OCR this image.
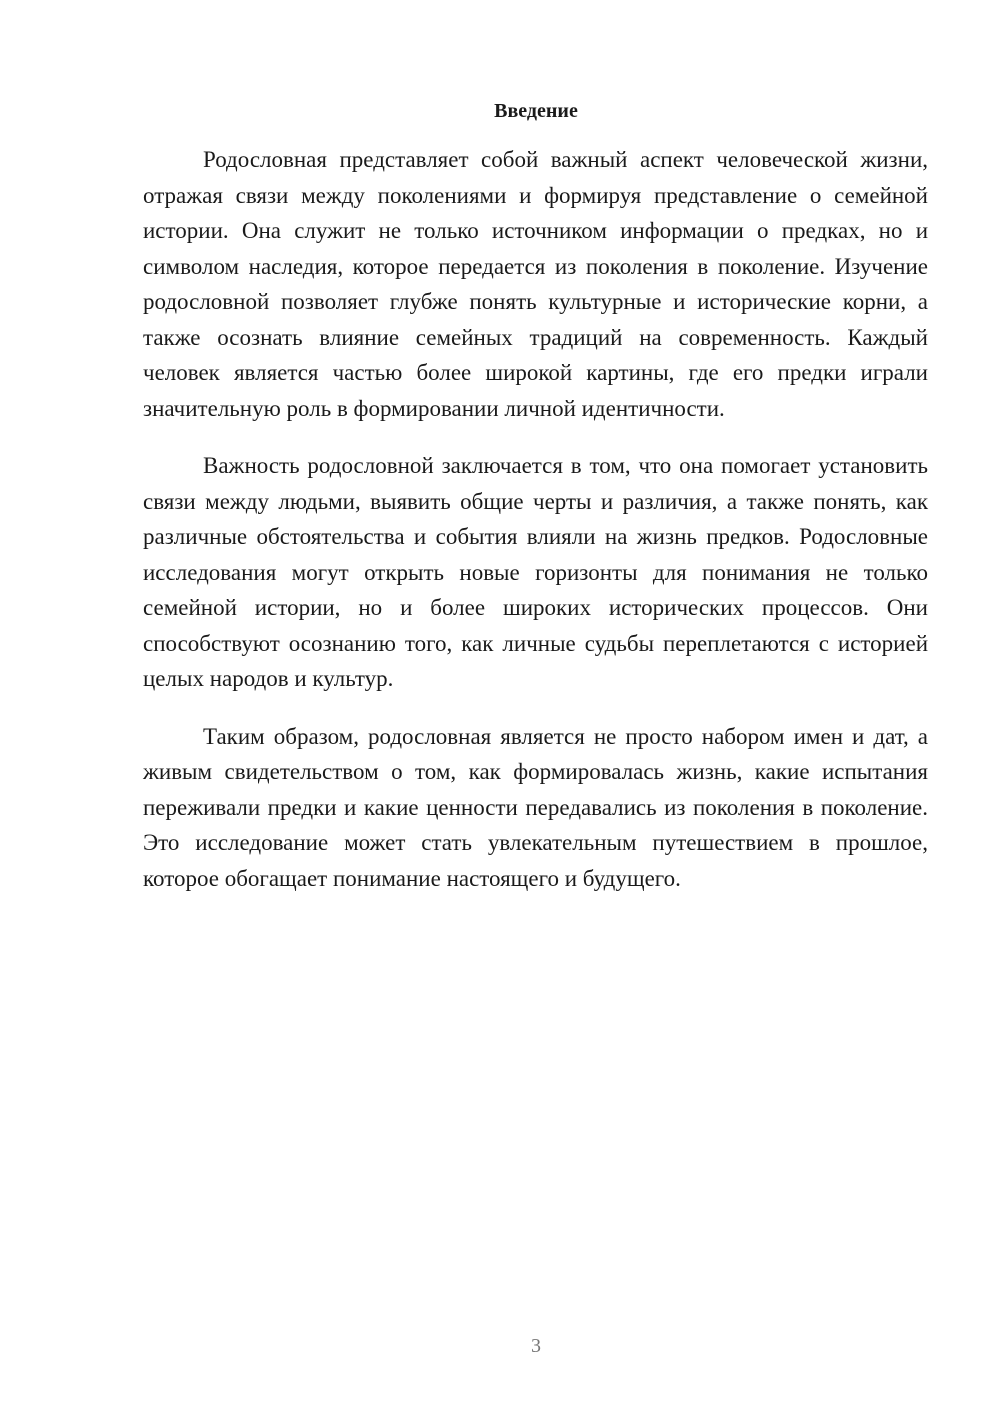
Введение

Родословная представляет собой важный аспект человеческой жизни, отражая связи между поколениями и формируя представление о семейной истории. Она служит не только источником информации о предках, но и символом наследия, которое передается из поколения в поколение. Изучение родословной позволяет глубже понять культурные и исторические корни, а также осознать влияние семейных традиций на современность. Каждый человек является частью более широкой картины, где его предки играли значительную роль в формировании личной идентичности.

Важность родословной заключается в том, что она помогает установить связи между людьми, выявить общие черты и различия, а также понять, как различные обстоятельства и события влияли на жизнь предков. Родословные исследования могут открыть новые горизонты для понимания не только семейной истории, но и более широких исторических процессов. Они способствуют осознанию того, как личные судьбы переплетаются с историей целых народов и культур.

Таким образом, родословная является не просто набором имен и дат, а живым свидетельством о том, как формировалась жизнь, какие испытания переживали предки и какие ценности передавались из поколения в поколение. Это исследование может стать увлекательным путешествием в прошлое, которое обогащает понимание настоящего и будущего.

3
